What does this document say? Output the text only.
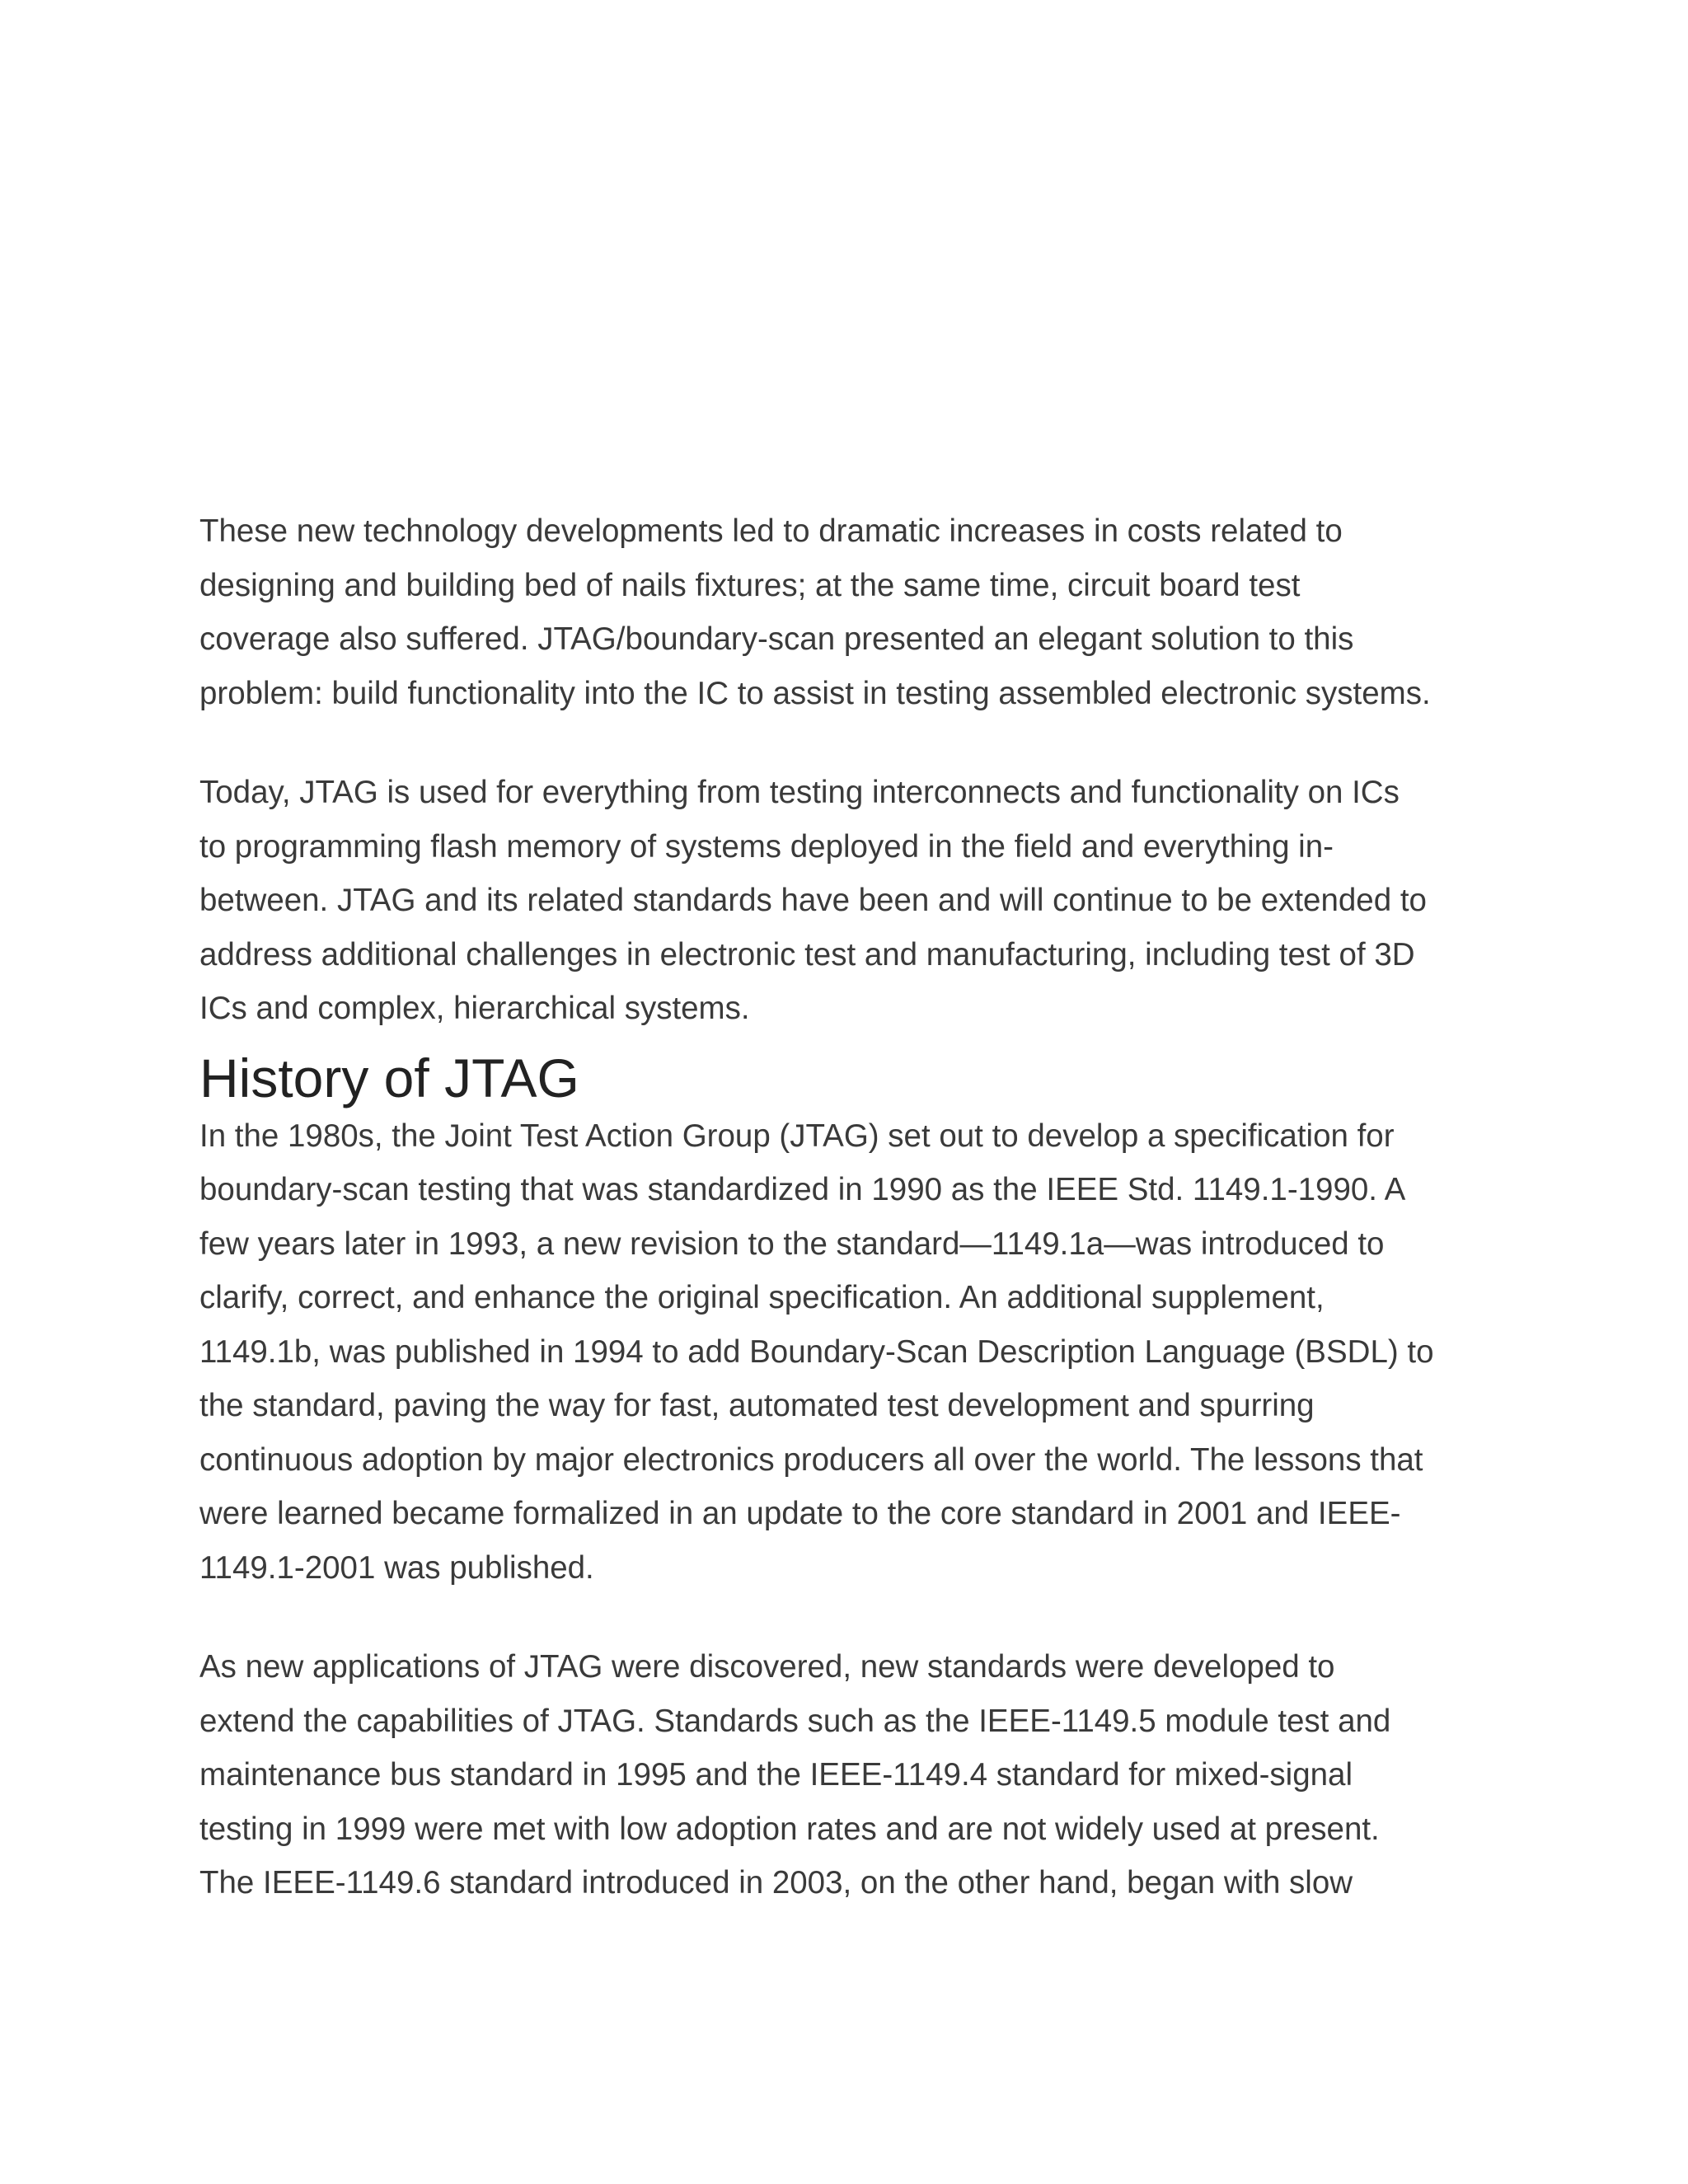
These new technology developments led to dramatic increases in costs related to
designing and building bed of nails fixtures; at the same time, circuit board test
coverage also suffered. JTAG/boundary-scan presented an elegant solution to this
problem: build functionality into the IC to assist in testing assembled electronic systems.

Today, JTAG is used for everything from testing interconnects and functionality on ICs
to programming flash memory of systems deployed in the field and everything in-
between. JTAG and its related standards have been and will continue to be extended to
address additional challenges in electronic test and manufacturing, including test of 3D
ICs and complex, hierarchical systems.

History of JTAG

In the 1980s, the Joint Test Action Group (JTAG) set out to develop a specification for
boundary-scan testing that was standardized in 1990 as the IEEE Std. 1149.1-1990. A
few years later in 1993, a new revision to the standard—1149.1a—was introduced to
clarify, correct, and enhance the original specification. An additional supplement,
1149.1b, was published in 1994 to add Boundary-Scan Description Language (BSDL) to
the standard, paving the way for fast, automated test development and spurring
continuous adoption by major electronics producers all over the world. The lessons that
were learned became formalized in an update to the core standard in 2001 and IEEE-
1149.1-2001 was published.

As new applications of JTAG were discovered, new standards were developed to
extend the capabilities of JTAG. Standards such as the IEEE-1149.5 module test and
maintenance bus standard in 1995 and the IEEE-1149.4 standard for mixed-signal
testing in 1999 were met with low adoption rates and are not widely used at present.
The IEEE-1149.6 standard introduced in 2003, on the other hand, began with slow
